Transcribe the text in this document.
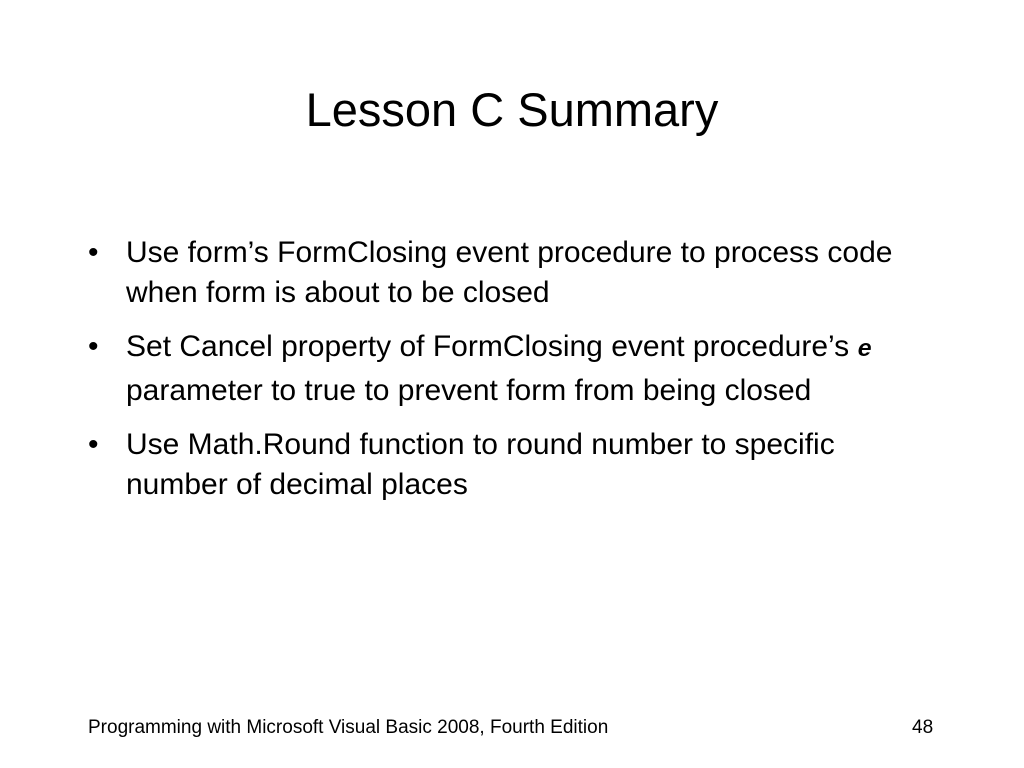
Lesson C Summary
• Use form’s FormClosing event procedure to process code when form is about to be closed
• Set Cancel property of FormClosing event procedure’s e parameter to true to prevent form from being closed
• Use Math.Round function to round number to specific number of decimal places
Programming with Microsoft Visual Basic 2008, Fourth Edition	48
